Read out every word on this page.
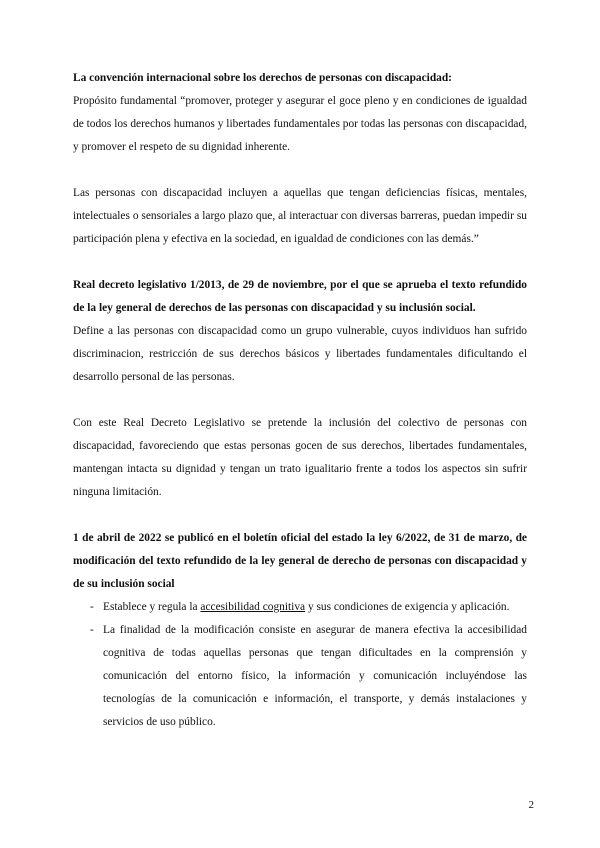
La convención internacional sobre los derechos de personas con discapacidad:

Propósito fundamental “promover, proteger y asegurar el goce pleno y en condiciones de igualdad de todos los derechos humanos y libertades fundamentales por todas las personas con discapacidad, y promover el respeto de su dignidad inherente.

Las personas con discapacidad incluyen a aquellas que tengan deficiencias físicas, mentales, intelectuales o sensoriales a largo plazo que, al interactuar con diversas barreras, puedan impedir su participación plena y efectiva en la sociedad, en igualdad de condiciones con las demás.”

Real decreto legislativo 1/2013, de 29 de noviembre, por el que se aprueba el texto refundido de la ley general de derechos de las personas con discapacidad y su inclusión social.

Define a las personas con discapacidad como un grupo vulnerable, cuyos individuos han sufrido discriminacion, restricción de sus derechos básicos y libertades fundamentales dificultando el desarrollo personal de las personas.

Con este Real Decreto Legislativo se pretende la inclusión del colectivo de personas con discapacidad, favoreciendo que estas personas gocen de sus derechos, libertades fundamentales, mantengan intacta su dignidad y tengan un trato igualitario frente a todos los aspectos sin sufrir ninguna limitación.

1 de abril de 2022 se publicó en el boletín oficial del estado la ley 6/2022, de 31 de marzo, de modificación del texto refundido de la ley general de derecho de personas con discapacidad y de su inclusión social

- Establece y regula la accesibilidad cognitiva y sus condiciones de exigencia y aplicación.
- La finalidad de la modificación consiste en asegurar de manera efectiva la accesibilidad cognitiva de todas aquellas personas que tengan dificultades en la comprensión y comunicación del entorno físico, la información y comunicación incluyéndose las tecnologías de la comunicación e información, el transporte, y demás instalaciones y servicios de uso público.
2
